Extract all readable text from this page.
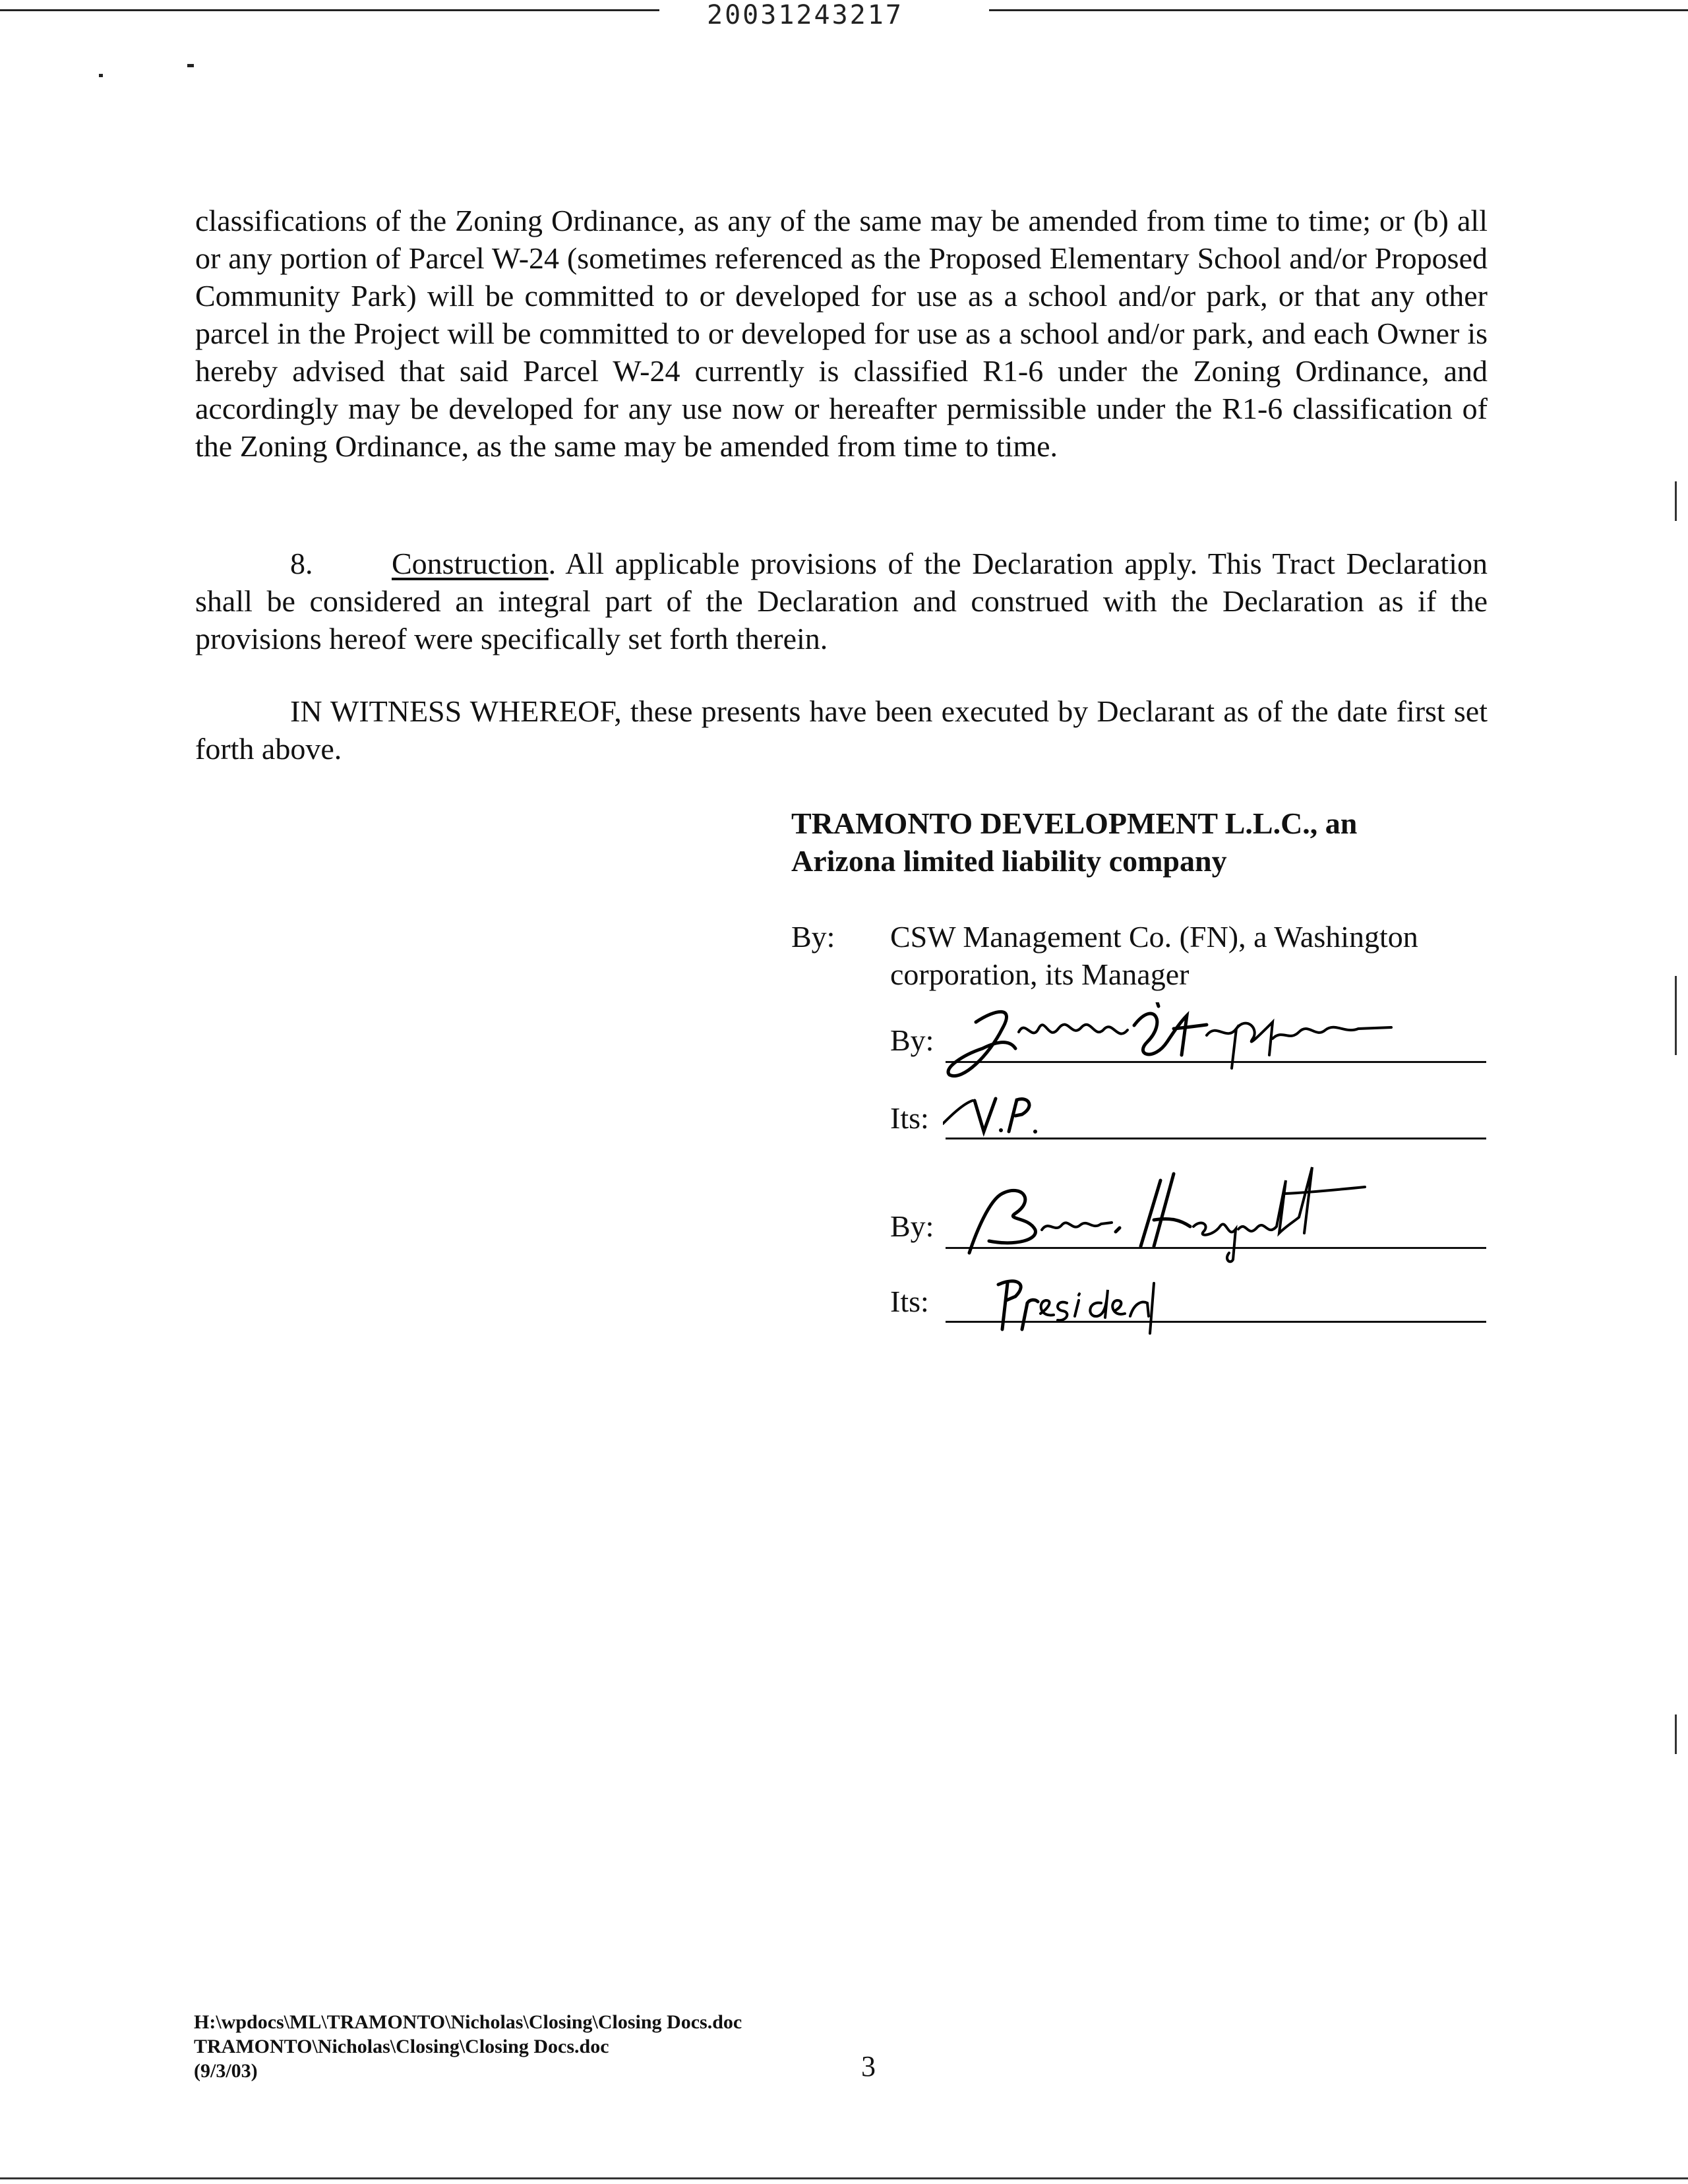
20031243217

classifications of the Zoning Ordinance, as any of the same may be amended from time to time; or (b) all or any portion of Parcel W-24 (sometimes referenced as the Proposed Elementary School and/or Proposed Community Park) will be committed to or developed for use as a school and/or park, or that any other parcel in the Project will be committed to or developed for use as a school and/or park, and each Owner is hereby advised that said Parcel W-24 currently is classified R1-6 under the Zoning Ordinance, and accordingly may be developed for any use now or hereafter permissible under the R1-6 classification of the Zoning Ordinance, as the same may be amended from time to time.

8.	Construction. All applicable provisions of the Declaration apply. This Tract Declaration shall be considered an integral part of the Declaration and construed with the Declaration as if the provisions hereof were specifically set forth therein.

IN WITNESS WHEREOF, these presents have been executed by Declarant as of the date first set forth above.

TRAMONTO DEVELOPMENT L.L.C., an
Arizona limited liability company
By: CSW Management Co. (FN), a Washington
corporation, its Manager
By:
Its:
By:
Its:
H:\wpdocs\ML\TRAMONTO\Nicholas\Closing\Closing Docs.doc
TRAMONTO\Nicholas\Closing\Closing Docs.doc
(9/3/03)	3
